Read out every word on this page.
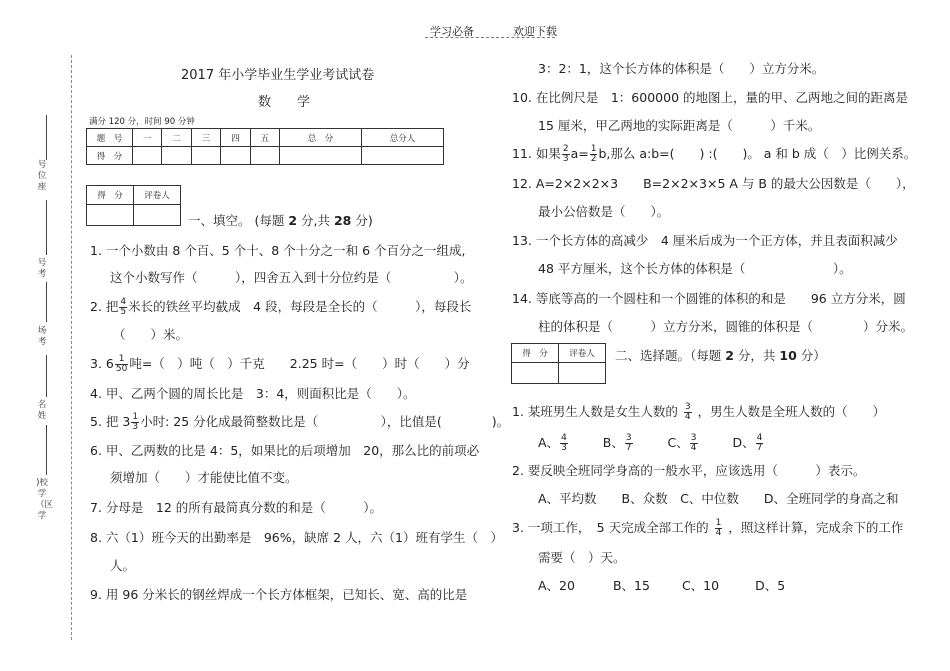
学习必备	欢迎下载
号位座
号考
场考
名姓
)校学（区学
2017 年小学毕业生学业考试试卷
数　　学
满分 120 分，时间 90 分钟
题　号	一	二	三	四	五	总　分	总分人
得　分							
得　分	评卷人

一、填空。 (每题 2 分,共 28 分)
1. 一个小数由 8 个百、5 个十、8 个十分之一和 6 个百分之一组成,
这个小数写作（　　　），四舍五入到十分位约是（　　　　　）。
2. 把 $\frac{4}{5}$ 米长的铁丝平均截成　4 段，每段是全长的（　　　），每段长
（　　）米。
3. $6 \frac{1}{50}$ 吨=（　）吨（　）千克　　2.25 时=（　　）时（　　）分
4. 甲、乙两个圆的周长比是　3：4，则面积比是（　　）。
5. 把 $3 \frac{1}{3}$ 小时: 25 分化成最简整数比是（　　　　　），比值是(　　　　)。
6. 甲、乙两数的比是 4：5，如果比的后项增加　20，那么比的前项必
须增加（　　）才能使比值不变。
7. 分母是　12 的所有最简真分数的和是（　　　）。
8. 六（1）班今天的出勤率是　96%，缺席 2 人，六（1）班有学生（　）
人。
9. 用 96 分米长的钢丝焊成一个长方体框架，已知长、宽、高的比是
3：2：1，这个长方体的体积是（　　）立方分米。
10. 在比例尺是　1：600000 的地图上，量的甲、乙两地之间的距离是
15 厘米，甲乙两地的实际距离是（　　　）千米。
11. 如果 $\frac{2}{3} a= \frac{1}{2} b$,那么 a:b=(　　) :(　　)。 a 和 b 成（　）比例关系。
12. A=2×2×2×3　　B=2×2×3×5 A 与 B 的最大公因数是（　　），
最小公倍数是（　　）。
13. 一个长方体的高减少　4 厘米后成为一个正方体，并且表面积减少
48 平方厘米，这个长方体的体积是（　　　　　　　）。
14. 等底等高的一个圆柱和一个圆锥的体积的和是　　96 立方分米，圆
柱的体积是（　　　）立方分米，圆锥的体积是（　　　　）分米。
得　分	评卷人
	二、选择题。（每题 2 分，共 10 分）
1. 某班男生人数是女生人数的 $\frac{3}{4}$ ，男生人数是全班人数的（　　）
A、 $\frac{4}{3}$	B、 $\frac{3}{7}$	C、 $\frac{3}{4}$	D、 $\frac{4}{7}$
2. 要反映全班同学身高的一般水平，应该选用（　　　）表示。
A、平均数　　B、众数　C、中位数　　D、全班同学的身高之和
3. 一项工作，　5 天完成全部工作的 $\frac{1}{4}$ ，照这样计算，完成余下的工作
需要（　）天。
A、20	B、15	C、10	D、5
